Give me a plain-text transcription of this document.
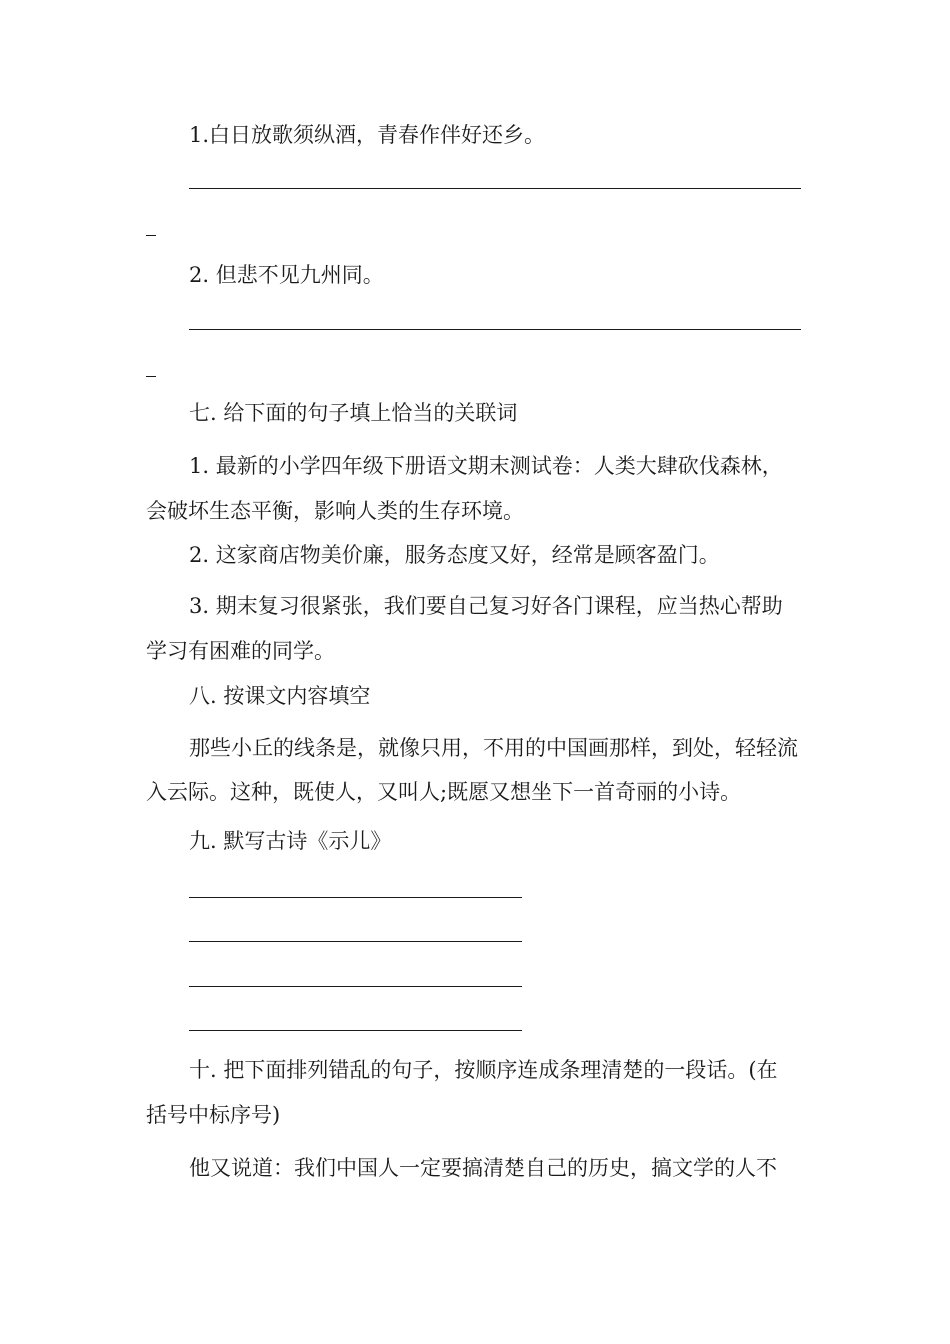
1.白日放歌须纵酒，青春作伴好还乡。
2. 但悲不见九州同。
七. 给下面的句子填上恰当的关联词
1. 最新的小学四年级下册语文期末测试卷：人类大肆砍伐森林，
会破坏生态平衡，影响人类的生存环境。
2. 这家商店物美价廉，服务态度又好，经常是顾客盈门。
3. 期末复习很紧张，我们要自己复习好各门课程，应当热心帮助
学习有困难的同学。
八. 按课文内容填空
那些小丘的线条是，就像只用，不用的中国画那样，到处，轻轻流
入云际。这种，既使人，又叫人;既愿又想坐下一首奇丽的小诗。
九. 默写古诗《示儿》
十. 把下面排列错乱的句子，按顺序连成条理清楚的一段话。(在
括号中标序号)
他又说道：我们中国人一定要搞清楚自己的历史，搞文学的人不
